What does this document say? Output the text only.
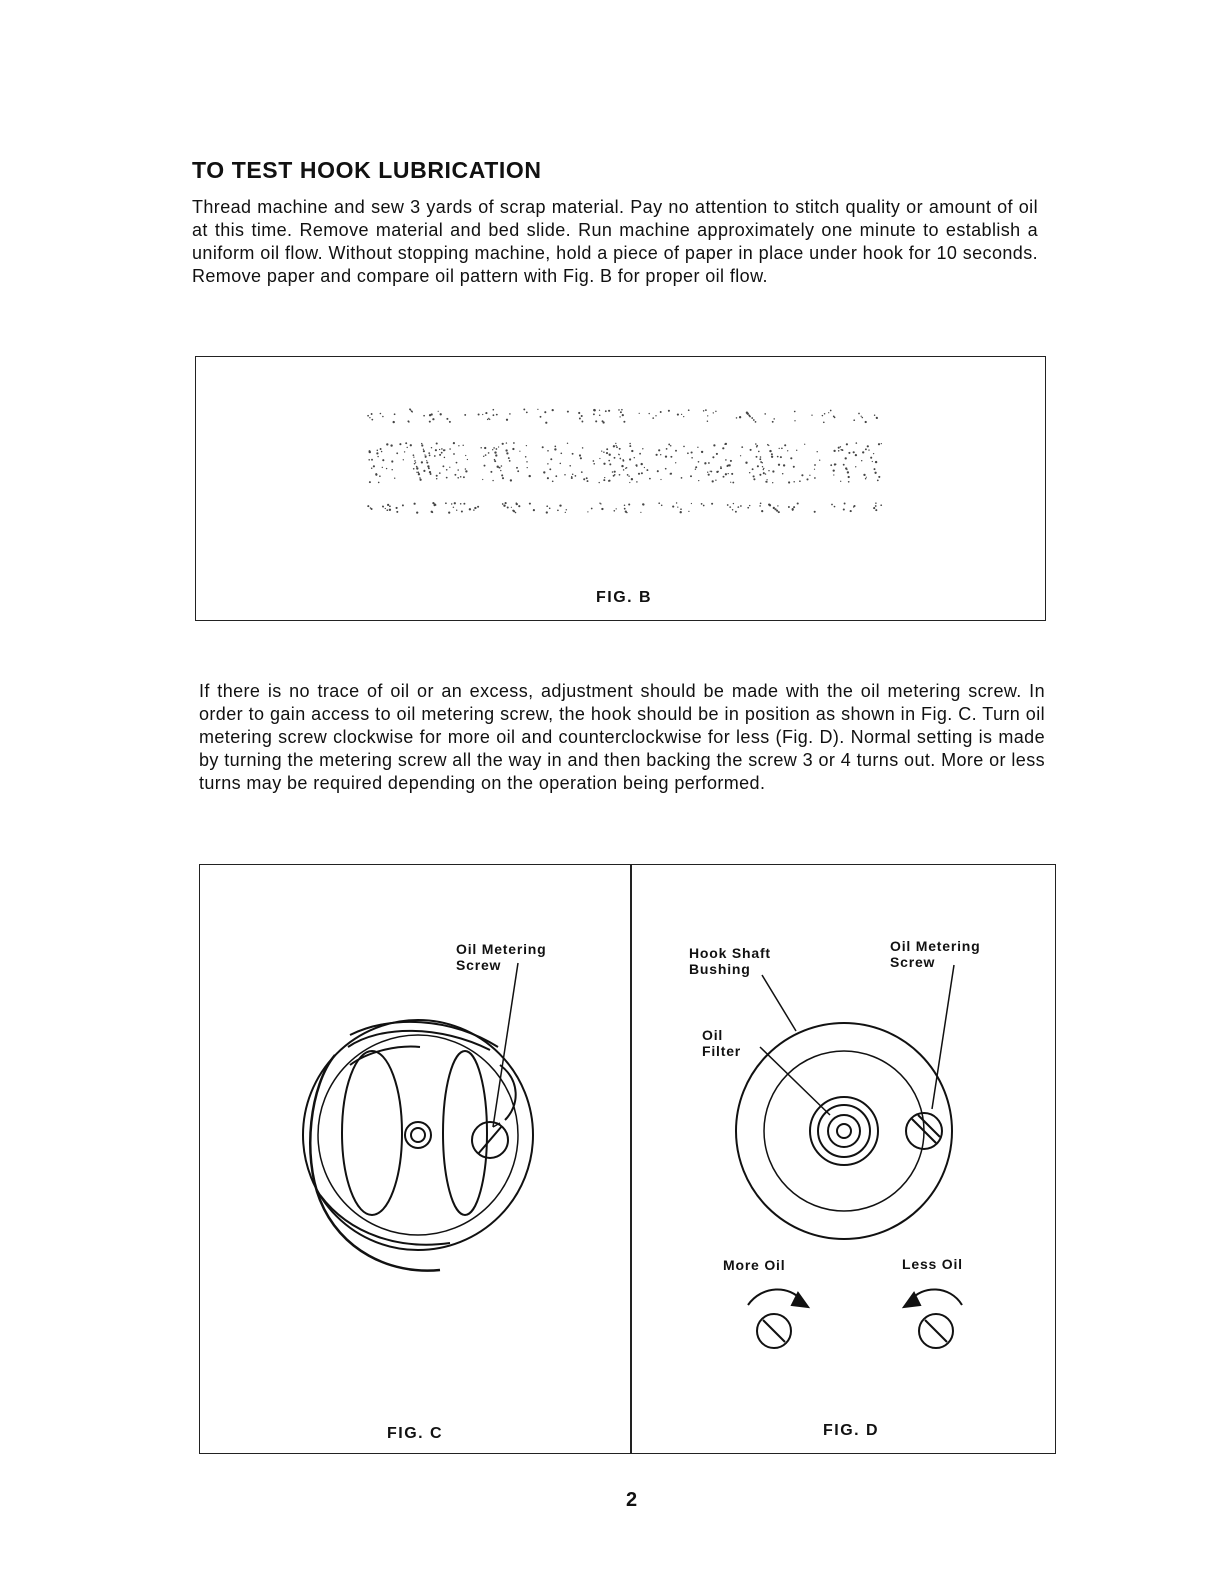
TO TEST HOOK LUBRICATION

Thread machine and sew 3 yards of scrap material. Pay no attention to stitch quality or amount of oil at this time. Remove material and bed slide. Run machine approximately one minute to establish a uniform oil flow. Without stopping machine, hold a piece of paper in place under hook for 10 seconds. Remove paper and compare oil pattern with Fig. B for proper oil flow.

FIG. B

If there is no trace of oil or an excess, adjustment should be made with the oil metering screw. In order to gain access to oil metering screw, the hook should be in position as shown in Fig. C. Turn oil metering screw clockwise for more oil and counterclockwise for less (Fig. D). Normal setting is made by turning the metering screw all the way in and then backing the screw 3 or 4 turns out. More or less turns may be required depending on the operation being performed.

Oil Metering
Screw
FIG. C
Hook Shaft
Bushing
Oil
Filter
Oil Metering
Screw
More Oil	Less Oil
FIG. D
2
